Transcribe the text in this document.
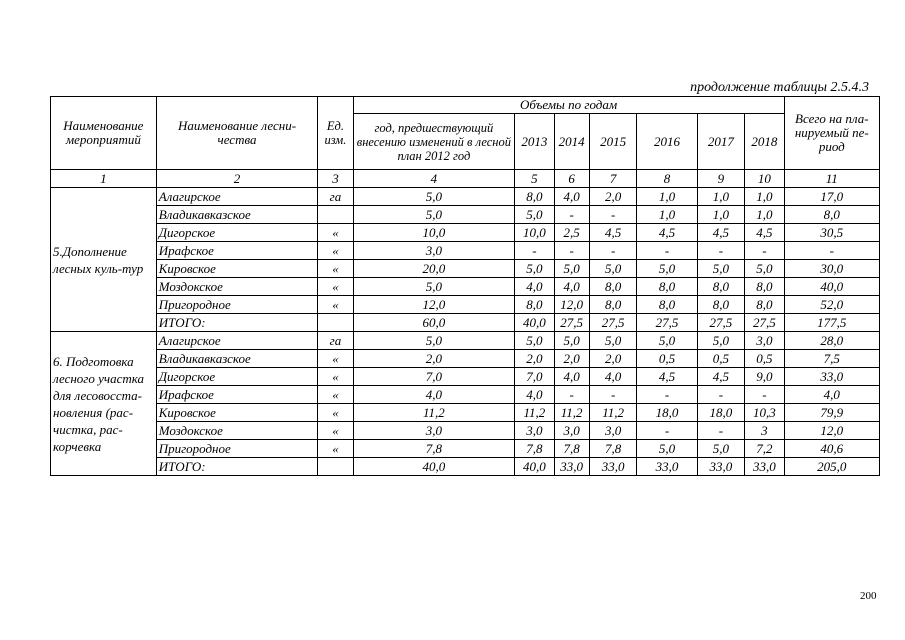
продолжение таблицы 2.5.4.3
Наименование мероприятий	Наименование лесни-чества	Ед. изм.	Объемы по годам							Всего на пла-нируемый пе-риод
			год, предшествующий внесению изменений в лесной план 2012 год	2013	2014	2015	2016	2017	2018	
1	2	3	4	5	6	7	8	9	10	11
5.Дополнение лесных куль-тур	Алагирское	га	5,0	8,0	4,0	2,0	1,0	1,0	1,0	17,0
	Владикавказское		5,0	5,0	-	-	1,0	1,0	1,0	8,0
	Дигорское	«	10,0	10,0	2,5	4,5	4,5	4,5	4,5	30,5
	Ирафское	«	3,0	-	-	-	-	-	-	-
	Кировское	«	20,0	5,0	5,0	5,0	5,0	5,0	5,0	30,0
	Моздокское	«	5,0	4,0	4,0	8,0	8,0	8,0	8,0	40,0
	Пригородное	«	12,0	8,0	12,0	8,0	8,0	8,0	8,0	52,0
	ИТОГО:		60,0	40,0	27,5	27,5	27,5	27,5	27,5	177,5
6. Подготовка лесного участка для лесовосста-новления (рас-чистка, рас-корчевка	Алагирское	га	5,0	5,0	5,0	5,0	5,0	5,0	3,0	28,0
	Владикавказское	«	2,0	2,0	2,0	2,0	0,5	0,5	0,5	7,5
	Дигорское	«	7,0	7,0	4,0	4,0	4,5	4,5	9,0	33,0
	Ирафское	«	4,0	4,0	-	-	-	-	-	4,0
	Кировское	«	11,2	11,2	11,2	11,2	18,0	18,0	10,3	79,9
	Моздокское	«	3,0	3,0	3,0	3,0	-	-	3	12,0
	Пригородное	«	7,8	7,8	7,8	7,8	5,0	5,0	7,2	40,6
	ИТОГО:		40,0	40,0	33,0	33,0	33,0	33,0	33,0	205,0
200
